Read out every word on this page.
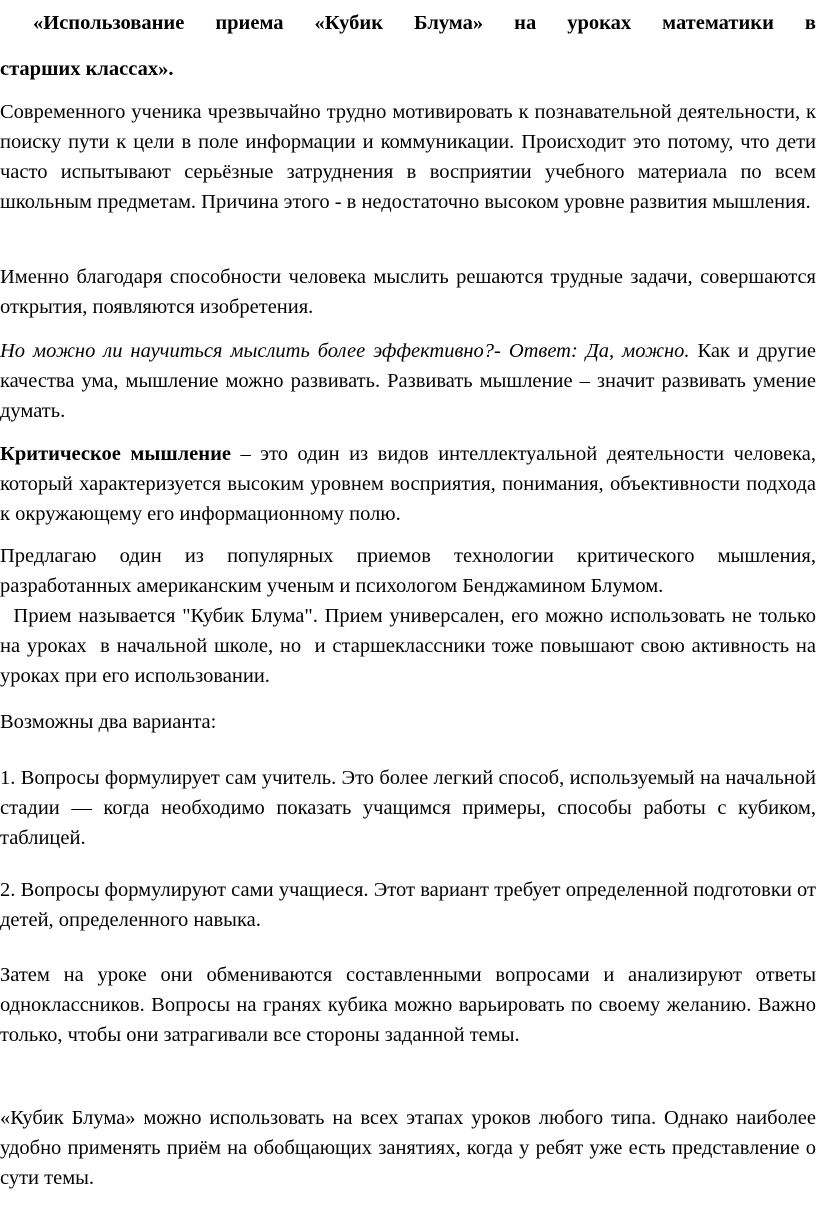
«Использование приема «Кубик Блума» на уроках математики в
старших классах».

Современного ученика чрезвычайно трудно мотивировать к познавательной деятельности, к поиску пути к цели в поле информации и коммуникации. Происходит это потому, что дети часто испытывают серьёзные затруднения в восприятии учебного материала по всем школьным предметам. Причина этого - в недостаточно высоком уровне развития мышления.

Именно благодаря способности человека мыслить решаются трудные задачи, совершаются открытия, появляются изобретения.

Но можно ли научиться мыслить более эффективно?- Ответ: Да, можно. Как и другие качества ума, мышление можно развивать. Развивать мышление – значит развивать умение думать.

Критическое мышление – это один из видов интеллектуальной деятельности человека, который характеризуется высоким уровнем восприятия, понимания, объективности подхода к окружающему его информационному полю.

Предлагаю один из популярных приемов технологии критического мышления,

разработанных американским ученым и психологом Бенджамином Блумом.

Прием называется "Кубик Блума". Прием универсален, его можно использовать не только на уроках  в начальной школе, но  и старшеклассники тоже повышают свою активность на уроках при его использовании.

Возможны два варианта:

1. Вопросы формулирует сам учитель. Это более легкий способ, используемый на начальной стадии — когда необходимо показать учащимся примеры, способы работы с кубиком, таблицей.

2. Вопросы формулируют сами учащиеся. Этот вариант требует определенной подготовки от детей, определенного навыка.

Затем на уроке они обмениваются составленными вопросами и анализируют ответы одноклассников. Вопросы на гранях кубика можно варьировать по своему желанию. Важно только, чтобы они затрагивали все стороны заданной темы.

«Кубик Блума» можно использовать на всех этапах уроков любого типа. Однако наиболее удобно применять приём на обобщающих занятиях, когда у ребят уже есть представление о сути темы.
